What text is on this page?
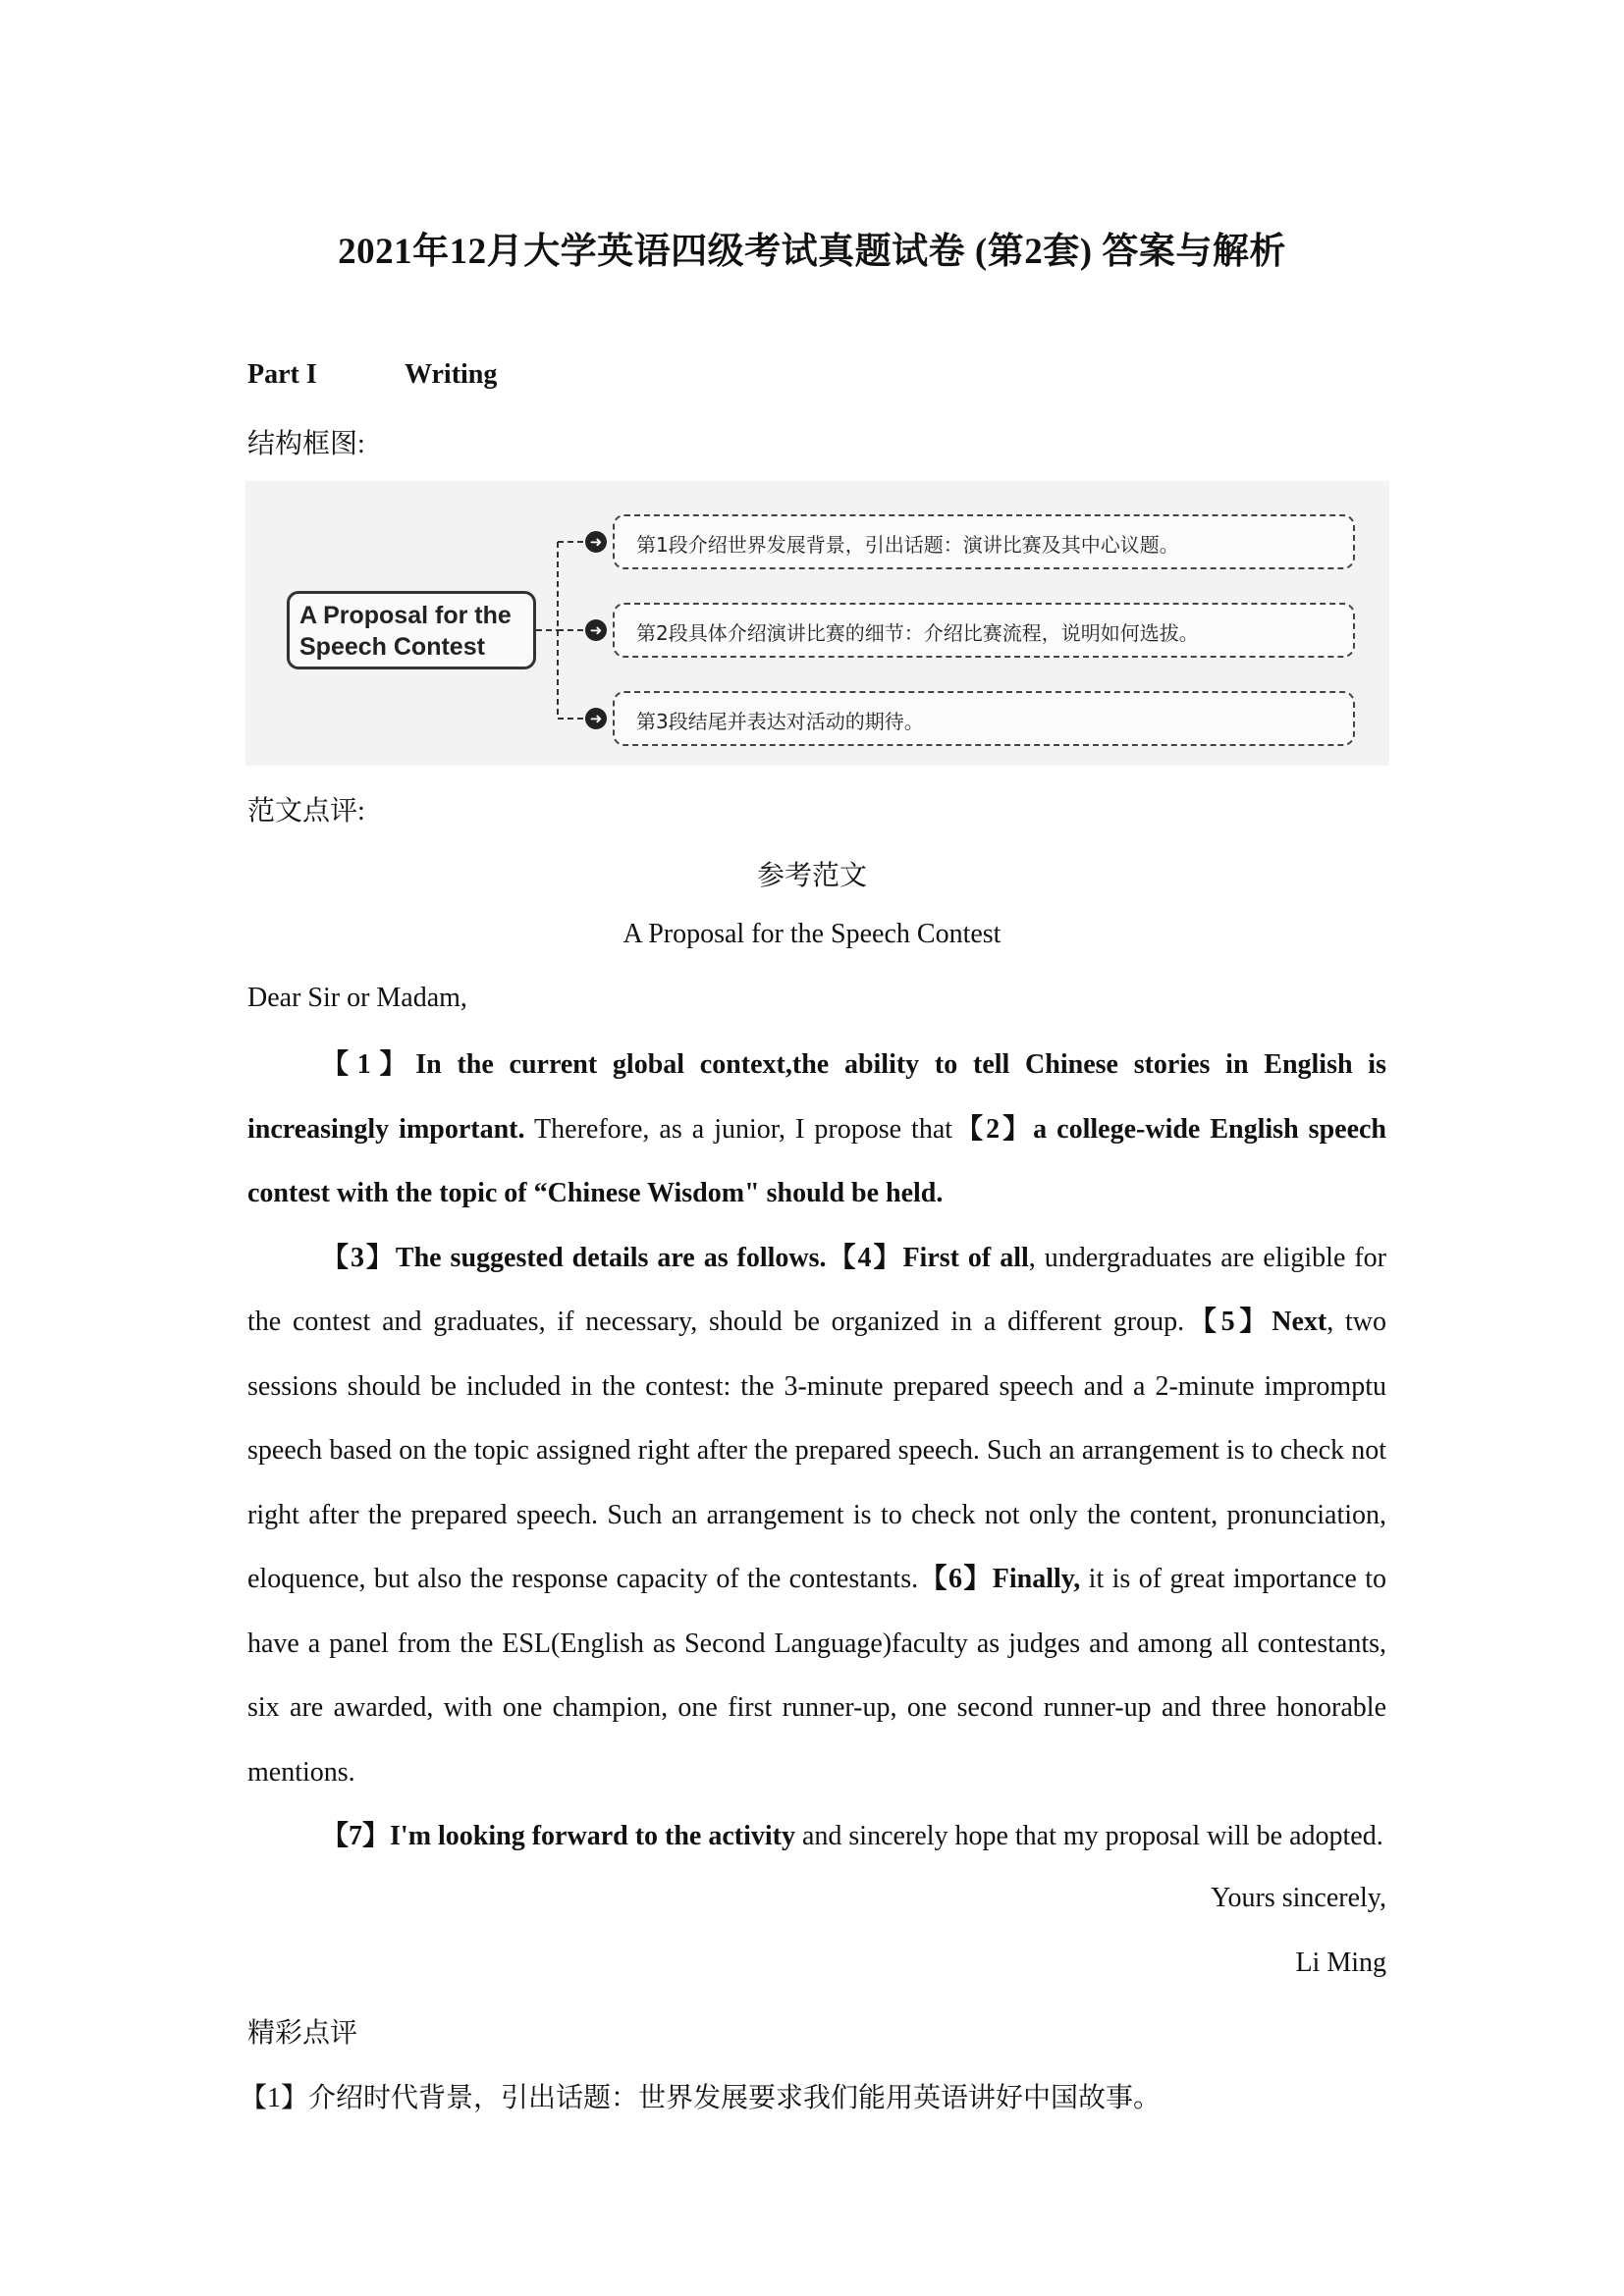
2021年12月大学英语四级考试真题试卷 (第2套) 答案与解析
Part I	Writing
结构框图:
A Proposal for the Speech Contest
➜	第1段介绍世界发展背景，引出话题：演讲比赛及其中心议题。
➜	第2段具体介绍演讲比赛的细节：介绍比赛流程，说明如何选拔。
➜	第3段结尾并表达对活动的期待。
范文点评:
参考范文
A Proposal for the Speech Contest
Dear Sir or Madam,

【1】In the current global context,the ability to tell Chinese stories in English is increasingly important. Therefore, as a junior, I propose that【2】a college-wide English speech contest with the topic of “Chinese Wisdom" should be held.

【3】The suggested details are as follows.【4】First of all, undergraduates are eligible for the contest and graduates, if necessary, should be organized in a different group.【5】Next, two sessions should be included in the contest: the 3-minute prepared speech and a 2-minute impromptu speech based on the topic assigned right after the prepared speech. Such an arrangement is to check not right after the prepared speech. Such an arrangement is to check not only the content, pronunciation, eloquence, but also the response capacity of the contestants.【6】Finally, it is of great importance to have a panel from the ESL(English as Second Language)faculty as judges and among all contestants, six are awarded, with one champion, one first runner-up, one second runner-up and three honorable mentions.

【7】I'm looking forward to the activity and sincerely hope that my proposal will be adopted.

Yours sincerely,
Li Ming
精彩点评
【1】介绍时代背景，引出话题：世界发展要求我们能用英语讲好中国故事。
